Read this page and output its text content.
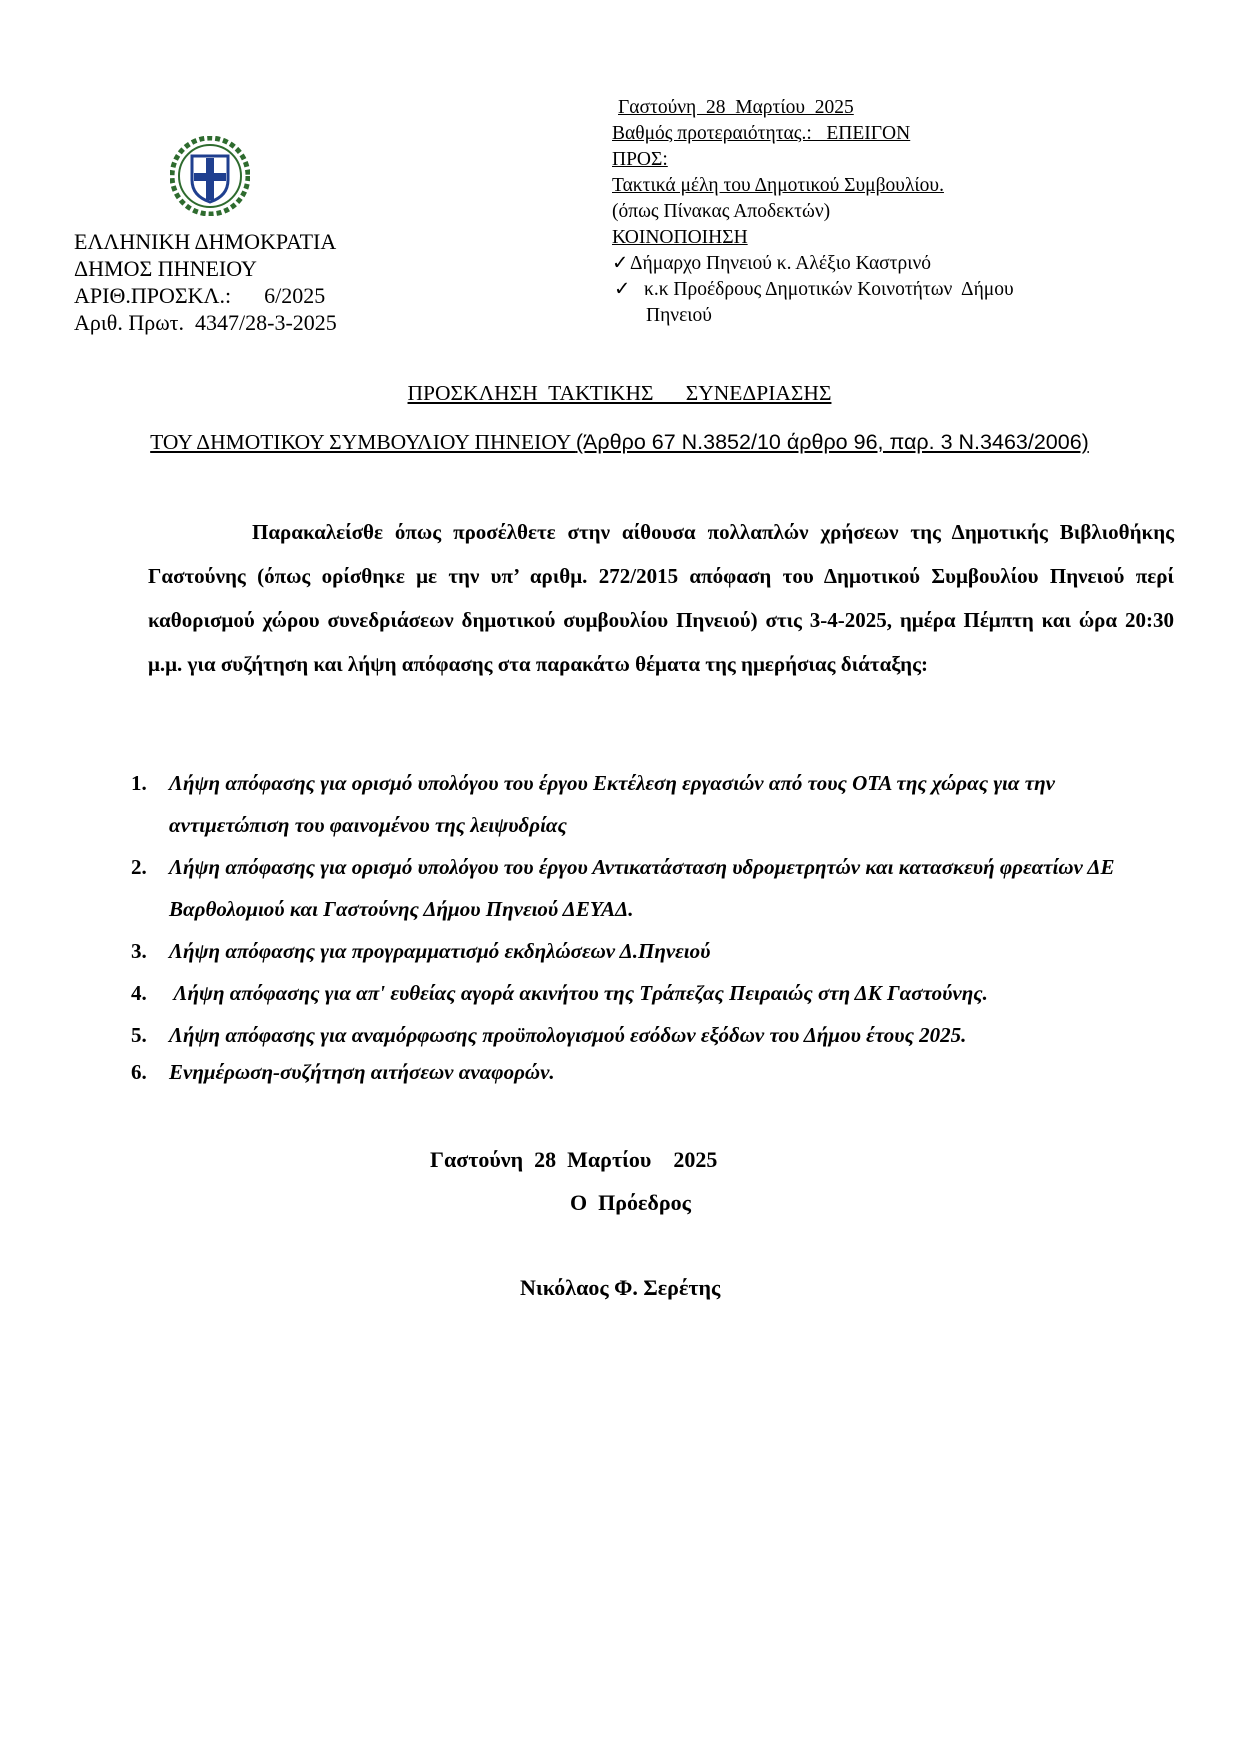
ΕΛΛΗΝΙΚΗ ΔΗΜΟΚΡΑΤΙΑ
ΔΗΜΟΣ ΠΗΝΕΙΟΥ
ΑΡΙΘ.ΠΡΟΣΚΛ.:      6/2025
Αριθ. Πρωτ.  4347/28-3-2025
Γαστούνη  28  Μαρτίου  2025
Βαθμός προτεραιότητας.:   ΕΠΕΙΓΟΝ
ΠΡΟΣ:
Τακτικά μέλη του Δημοτικού Συμβουλίου.
(όπως Πίνακας Αποδεκτών)
ΚΟΙΝΟΠΟΙΗΣΗ
✓Δήμαρχο Πηνειού κ. Αλέξιο Καστρινό
✓ κ.κ Προέδρους Δημοτικών Κοινοτήτων  Δήμου
Πηνειού
ΠΡΟΣΚΛΗΣΗ  ΤΑΚΤΙΚΗΣ      ΣΥΝΕΔΡΙΑΣΗΣ
ΤΟΥ ΔΗΜΟΤΙΚΟΥ ΣΥΜΒΟΥΛΙΟΥ ΠΗΝΕΙΟΥ (Άρθρο 67 Ν.3852/10 άρθρο 96, παρ. 3 Ν.3463/2006)
Παρακαλείσθε όπως προσέλθετε στην αίθουσα πολλαπλών χρήσεων της Δημοτικής Βιβλιοθήκης Γαστούνης (όπως ορίσθηκε με την υπ’ αριθμ. 272/2015 απόφαση του Δημοτικού Συμβουλίου Πηνειού περί καθορισμού χώρου συνεδριάσεων δημοτικού συμβουλίου Πηνειού) στις 3-4-2025, ημέρα Πέμπτη και ώρα 20:30 μ.μ. για συζήτηση και λήψη απόφασης στα παρακάτω θέματα της ημερήσιας διάταξης:
1. Λήψη απόφασης για ορισμό υπολόγου του έργου Εκτέλεση εργασιών από τους ΟΤΑ της χώρας για την αντιμετώπιση του φαινομένου της λειψυδρίας
2. Λήψη απόφασης για ορισμό υπολόγου του έργου Αντικατάσταση υδρομετρητών και κατασκευή φρεατίων ΔΕ Βαρθολομιού και Γαστούνης Δήμου Πηνειού ΔΕΥΑΔ.
3. Λήψη απόφασης για προγραμματισμό εκδηλώσεων Δ.Πηνειού
4. Λήψη απόφασης για απ' ευθείας αγορά ακινήτου της Τράπεζας Πειραιώς στη ΔΚ Γαστούνης.
5. Λήψη απόφασης για αναμόρφωσης προϋπολογισμού εσόδων εξόδων του Δήμου έτους 2025.
6. Ενημέρωση-συζήτηση αιτήσεων αναφορών.
Γαστούνη  28  Μαρτίου    2025
Ο  Πρόεδρος
Νικόλαος Φ. Σερέτης
